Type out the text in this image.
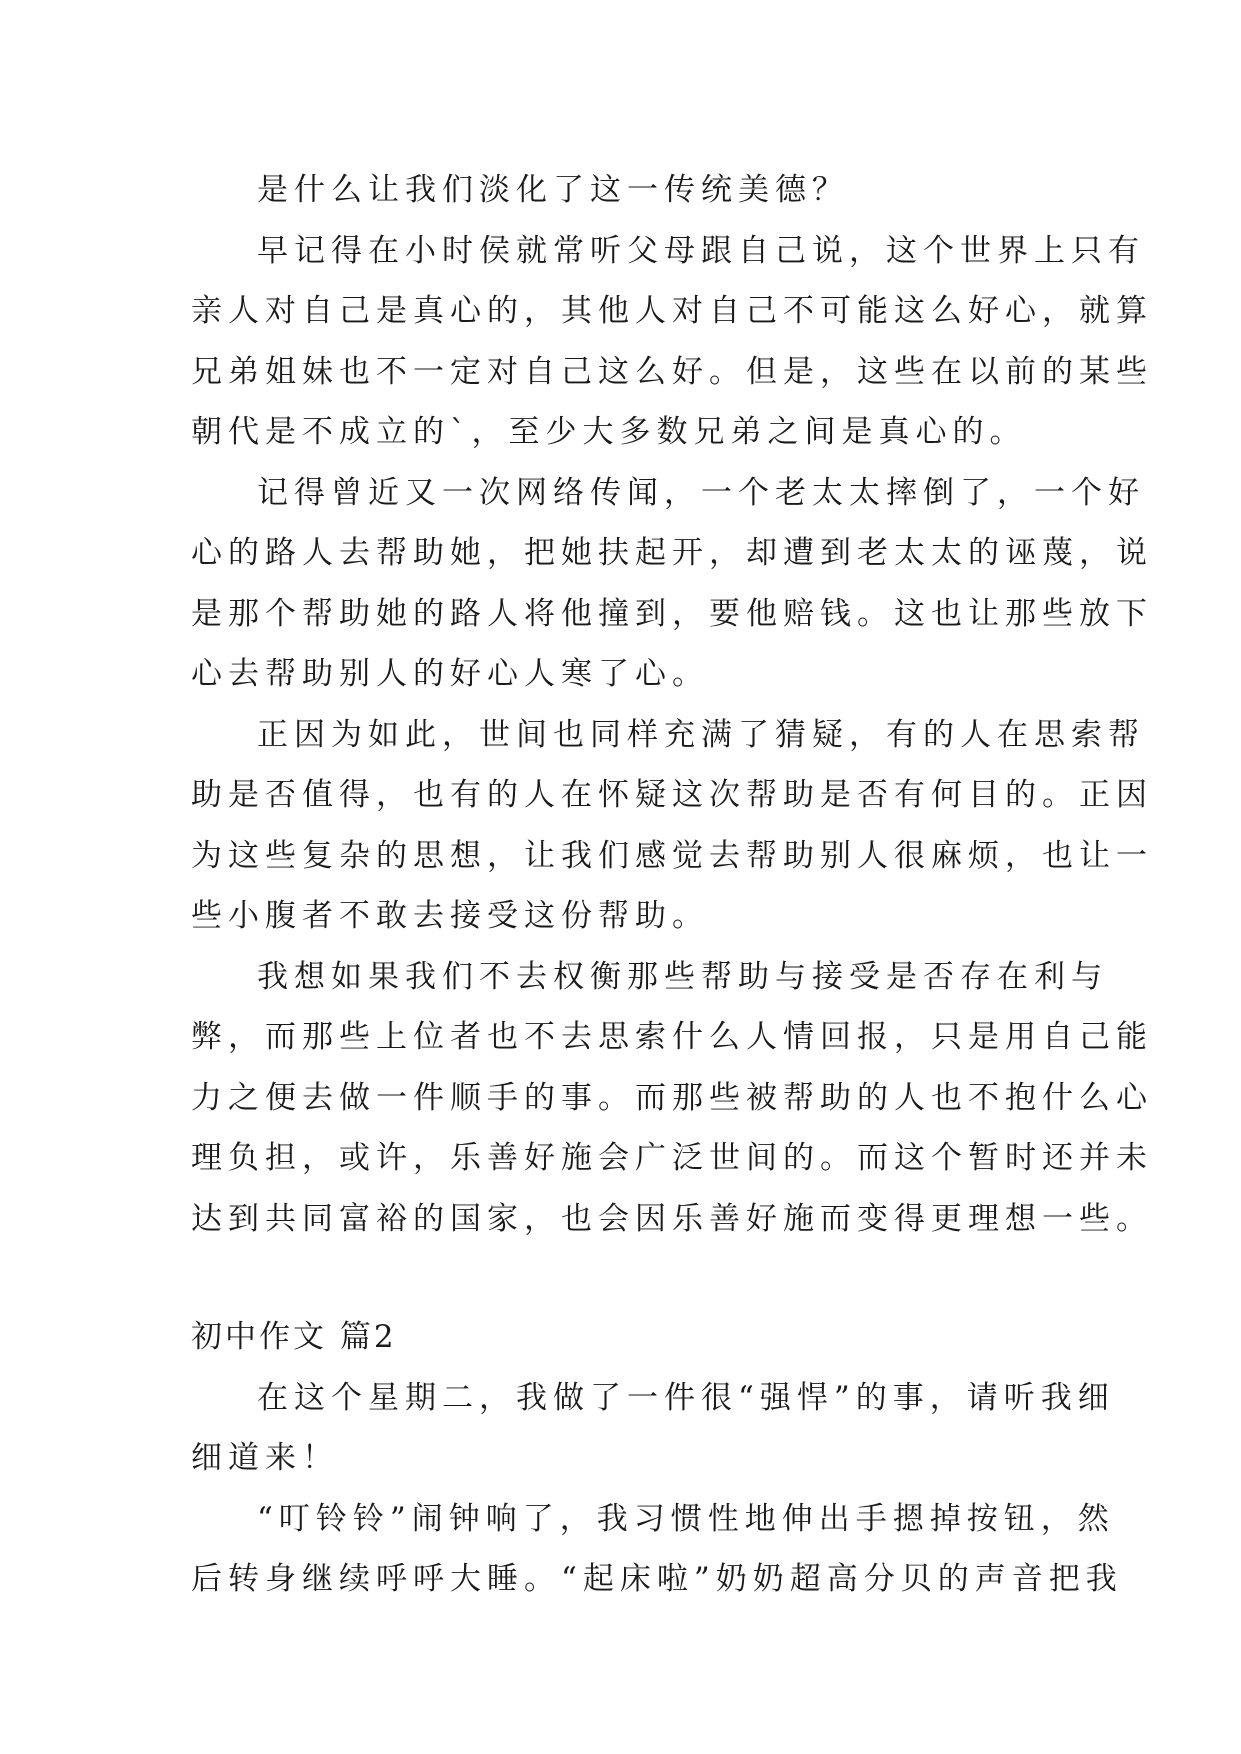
是什么让我们淡化了这一传统美德？
早记得在小时侯就常听父母跟自己说，这个世界上只有
亲人对自己是真心的，其他人对自己不可能这么好心，就算
兄弟姐妹也不一定对自己这么好。但是，这些在以前的某些
朝代是不成立的`，至少大多数兄弟之间是真心的。
记得曾近又一次网络传闻，一个老太太摔倒了，一个好
心的路人去帮助她，把她扶起开，却遭到老太太的诬蔑，说
是那个帮助她的路人将他撞到，要他赔钱。这也让那些放下
心去帮助别人的好心人寒了心。
正因为如此，世间也同样充满了猜疑，有的人在思索帮
助是否值得，也有的人在怀疑这次帮助是否有何目的。正因
为这些复杂的思想，让我们感觉去帮助别人很麻烦，也让一
些小腹者不敢去接受这份帮助。
我想如果我们不去权衡那些帮助与接受是否存在利与
弊，而那些上位者也不去思索什么人情回报，只是用自己能
力之便去做一件顺手的事。而那些被帮助的人也不抱什么心
理负担，或许，乐善好施会广泛世间的。而这个暂时还并未
达到共同富裕的国家，也会因乐善好施而变得更理想一些。
初中作文 篇2
在这个星期二，我做了一件很“强悍”的事，请听我细
细道来！
“叮铃铃”闹钟响了，我习惯性地伸出手摁掉按钮，然
后转身继续呼呼大睡。“起床啦”奶奶超高分贝的声音把我
